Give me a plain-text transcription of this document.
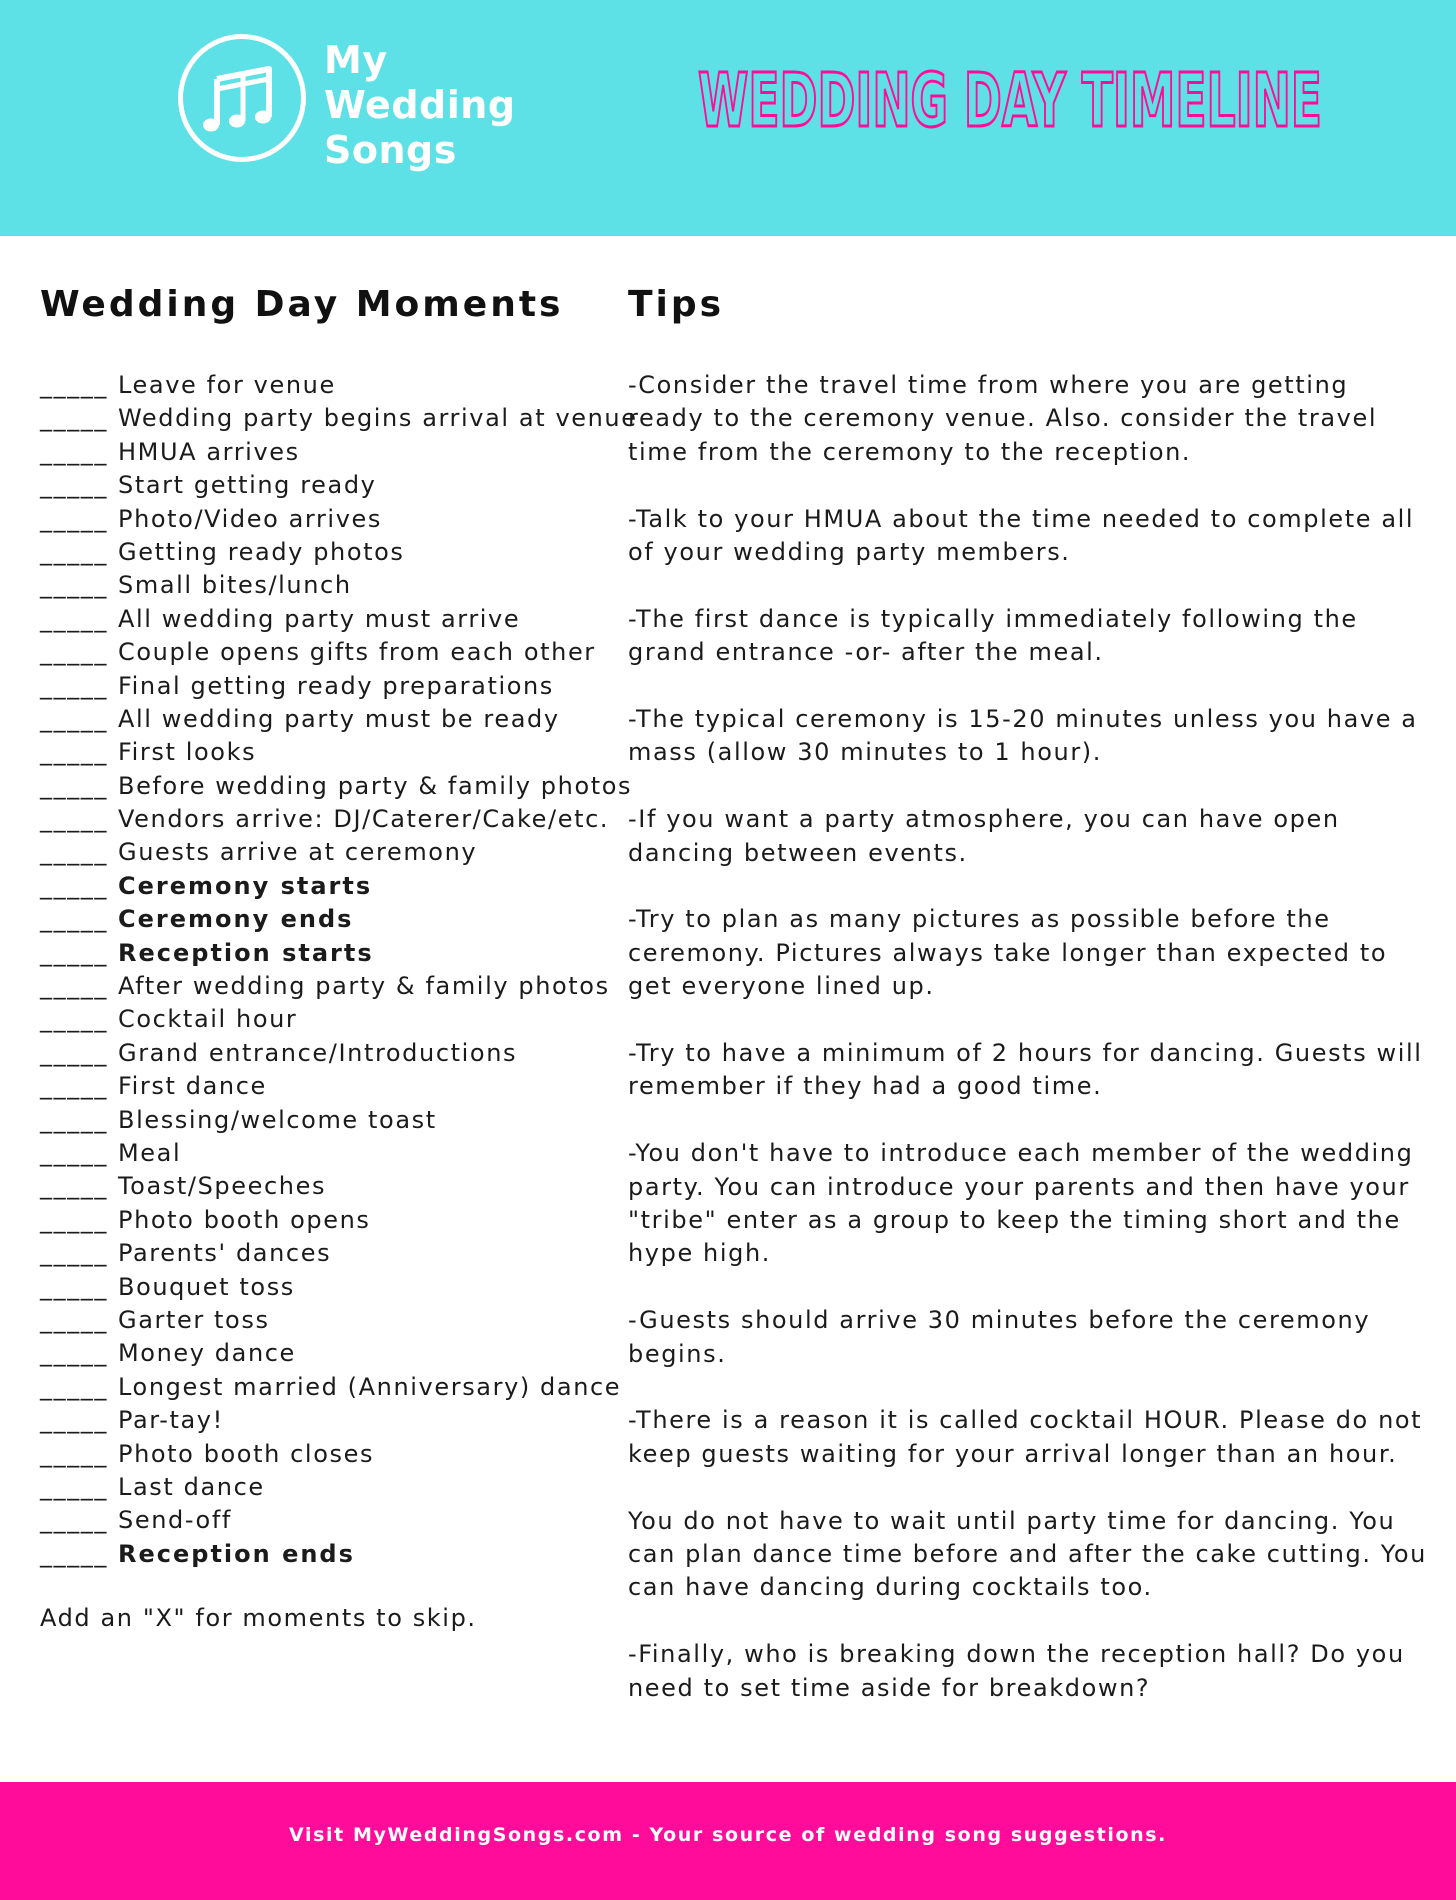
My
Wedding
Songs
WEDDING DAY TIMELINE
Wedding Day Moments Tips
_____ Leave for venue
_____ Wedding party begins arrival at venue
_____ HMUA arrives
_____ Start getting ready
_____ Photo/Video arrives
_____ Getting ready photos
_____ Small bites/lunch
_____ All wedding party must arrive
_____ Couple opens gifts from each other
_____ Final getting ready preparations
_____ All wedding party must be ready
_____ First looks
_____ Before wedding party & family photos
_____ Vendors arrive: DJ/Caterer/Cake/etc.
_____ Guests arrive at ceremony
_____ Ceremony starts
_____ Ceremony ends
_____ Reception starts
_____ After wedding party & family photos
_____ Cocktail hour
_____ Grand entrance/Introductions
_____ First dance
_____ Blessing/welcome toast
_____ Meal
_____ Toast/Speeches
_____ Photo booth opens
_____ Parents' dances
_____ Bouquet toss
_____ Garter toss
_____ Money dance
_____ Longest married (Anniversary) dance
_____ Par-tay!
_____ Photo booth closes
_____ Last dance
_____ Send-off
_____ Reception ends
Add an "X" for moments to skip.

-Consider the travel time from where you are getting ready to the ceremony venue. Also. consider the travel time from the ceremony to the reception.

-Talk to your HMUA about the time needed to complete all of your wedding party members.

-The first dance is typically immediately following the grand entrance -or- after the meal.

-The typical ceremony is 15-20 minutes unless you have a mass (allow 30 minutes to 1 hour).

-If you want a party atmosphere, you can have open dancing between events.

-Try to plan as many pictures as possible before the ceremony. Pictures always take longer than expected to get everyone lined up.

-Try to have a minimum of 2 hours for dancing. Guests will remember if they had a good time.

-You don't have to introduce each member of the wedding party. You can introduce your parents and then have your "tribe" enter as a group to keep the timing short and the hype high.

-Guests should arrive 30 minutes before the ceremony begins.

-There is a reason it is called cocktail HOUR. Please do not keep guests waiting for your arrival longer than an hour.

You do not have to wait until party time for dancing. You can plan dance time before and after the cake cutting. You can have dancing during cocktails too.

-Finally, who is breaking down the reception hall? Do you need to set time aside for breakdown?

Visit MyWeddingSongs.com - Your source of wedding song suggestions.
